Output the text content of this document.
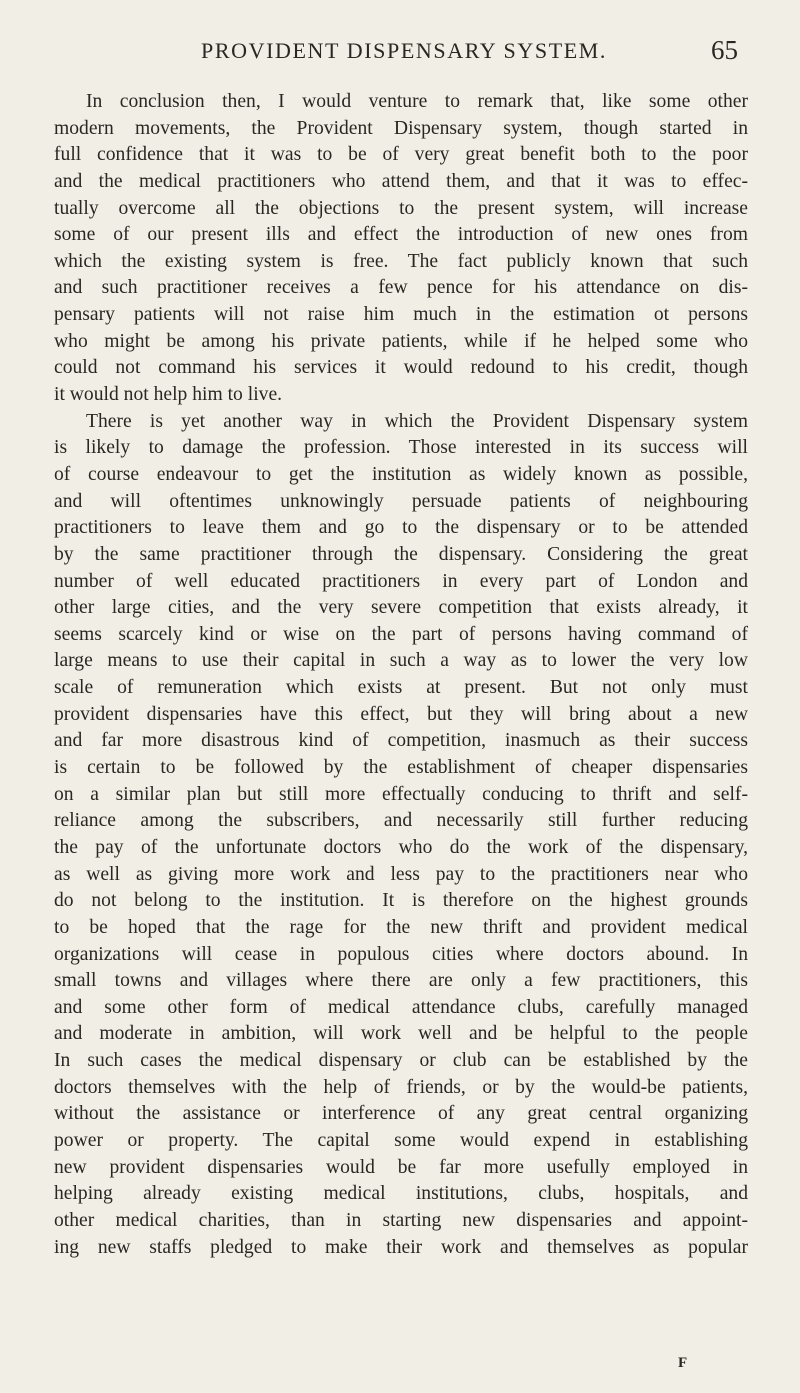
PROVIDENT DISPENSARY SYSTEM.	65
In conclusion then, I would venture to remark that, like some other
modern movements, the Provident Dispensary system, though started in
full confidence that it was to be of very great benefit both to the poor
and the medical practitioners who attend them, and that it was to effec-
tually overcome all the objections to the present system, will increase
some of our present ills and effect the introduction of new ones from
which the existing system is free. The fact publicly known that such
and such practitioner receives a few pence for his attendance on dis-
pensary patients will not raise him much in the estimation ot persons
who might be among his private patients, while if he helped some who
could not command his services it would redound to his credit, though
it would not help him to live.
There is yet another way in which the Provident Dispensary system
is likely to damage the profession. Those interested in its success will
of course endeavour to get the institution as widely known as possible,
and will oftentimes unknowingly persuade patients of neighbouring
practitioners to leave them and go to the dispensary or to be attended
by the same practitioner through the dispensary. Considering the great
number of well educated practitioners in every part of London and
other large cities, and the very severe competition that exists already, it
seems scarcely kind or wise on the part of persons having command of
large means to use their capital in such a way as to lower the very low
scale of remuneration which exists at present. But not only must
provident dispensaries have this effect, but they will bring about a new
and far more disastrous kind of competition, inasmuch as their success
is certain to be followed by the establishment of cheaper dispensaries
on a similar plan but still more effectually conducing to thrift and self-
reliance among the subscribers, and necessarily still further reducing
the pay of the unfortunate doctors who do the work of the dispensary,
as well as giving more work and less pay to the practitioners near who
do not belong to the institution. It is therefore on the highest grounds
to be hoped that the rage for the new thrift and provident medical
organizations will cease in populous cities where doctors abound. In
small towns and villages where there are only a few practitioners, this
and some other form of medical attendance clubs, carefully managed
and moderate in ambition, will work well and be helpful to the people
In such cases the medical dispensary or club can be established by the
doctors themselves with the help of friends, or by the would-be patients,
without the assistance or interference of any great central organizing
power or property. The capital some would expend in establishing
new provident dispensaries would be far more usefully employed in
helping already existing medical institutions, clubs, hospitals, and
other medical charities, than in starting new dispensaries and appoint-
ing new staffs pledged to make their work and themselves as popular
F
